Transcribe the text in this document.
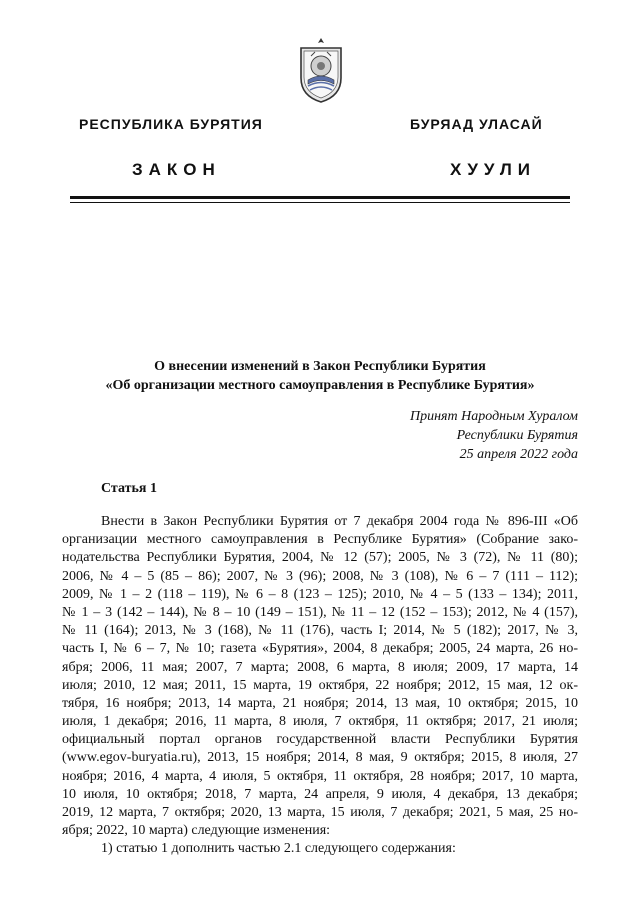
РЕСПУБЛИКА БУРЯТИЯ	БУРЯАД УЛАСАЙ
ЗАКОН	ХУУЛИ
О внесении изменений в Закон Республики Бурятия
«Об организации местного самоуправления в Республике Бурятия»
Принят Народным Хуралом
Республики Бурятия
25 апреля 2022 года
Статья 1
Внести в Закон Республики Бурятия от 7 декабря 2004 года № 896-III «Об
организации местного самоуправления в Республике Бурятия» (Собрание зако-
нодательства Республики Бурятия, 2004, № 12 (57); 2005, № 3 (72), № 11 (80);
2006, № 4 – 5 (85 – 86); 2007, № 3 (96); 2008, № 3 (108), № 6 – 7 (111 – 112);
2009, № 1 – 2 (118 – 119), № 6 – 8 (123 – 125); 2010, № 4 – 5 (133 – 134); 2011,
№ 1 – 3 (142 – 144), № 8 – 10 (149 – 151), № 11 – 12 (152 – 153); 2012, № 4 (157),
№ 11 (164); 2013, № 3 (168), № 11 (176), часть I; 2014, № 5 (182); 2017, № 3,
часть I, № 6 – 7, № 10; газета «Бурятия», 2004, 8 декабря; 2005, 24 марта, 26 но-
ября; 2006, 11 мая; 2007, 7 марта; 2008, 6 марта, 8 июля; 2009, 17 марта, 14
июля; 2010, 12 мая; 2011, 15 марта, 19 октября, 22 ноября; 2012, 15 мая, 12 ок-
тября, 16 ноября; 2013, 14 марта, 21 ноября; 2014, 13 мая, 10 октября; 2015, 10
июля, 1 декабря; 2016, 11 марта, 8 июля, 7 октября, 11 октября; 2017, 21 июля;
официальный портал органов государственной власти Республики Бурятия
(www.egov-buryatia.ru), 2013, 15 ноября; 2014, 8 мая, 9 октября; 2015, 8 июля, 27
ноября; 2016, 4 марта, 4 июля, 5 октября, 11 октября, 28 ноября; 2017, 10 марта,
10 июля, 10 октября; 2018, 7 марта, 24 апреля, 9 июля, 4 декабря, 13 декабря;
2019, 12 марта, 7 октября; 2020, 13 марта, 15 июля, 7 декабря; 2021, 5 мая, 25 но-
ября; 2022, 10 марта) следующие изменения:
1) статью 1 дополнить частью 2.1 следующего содержания:
